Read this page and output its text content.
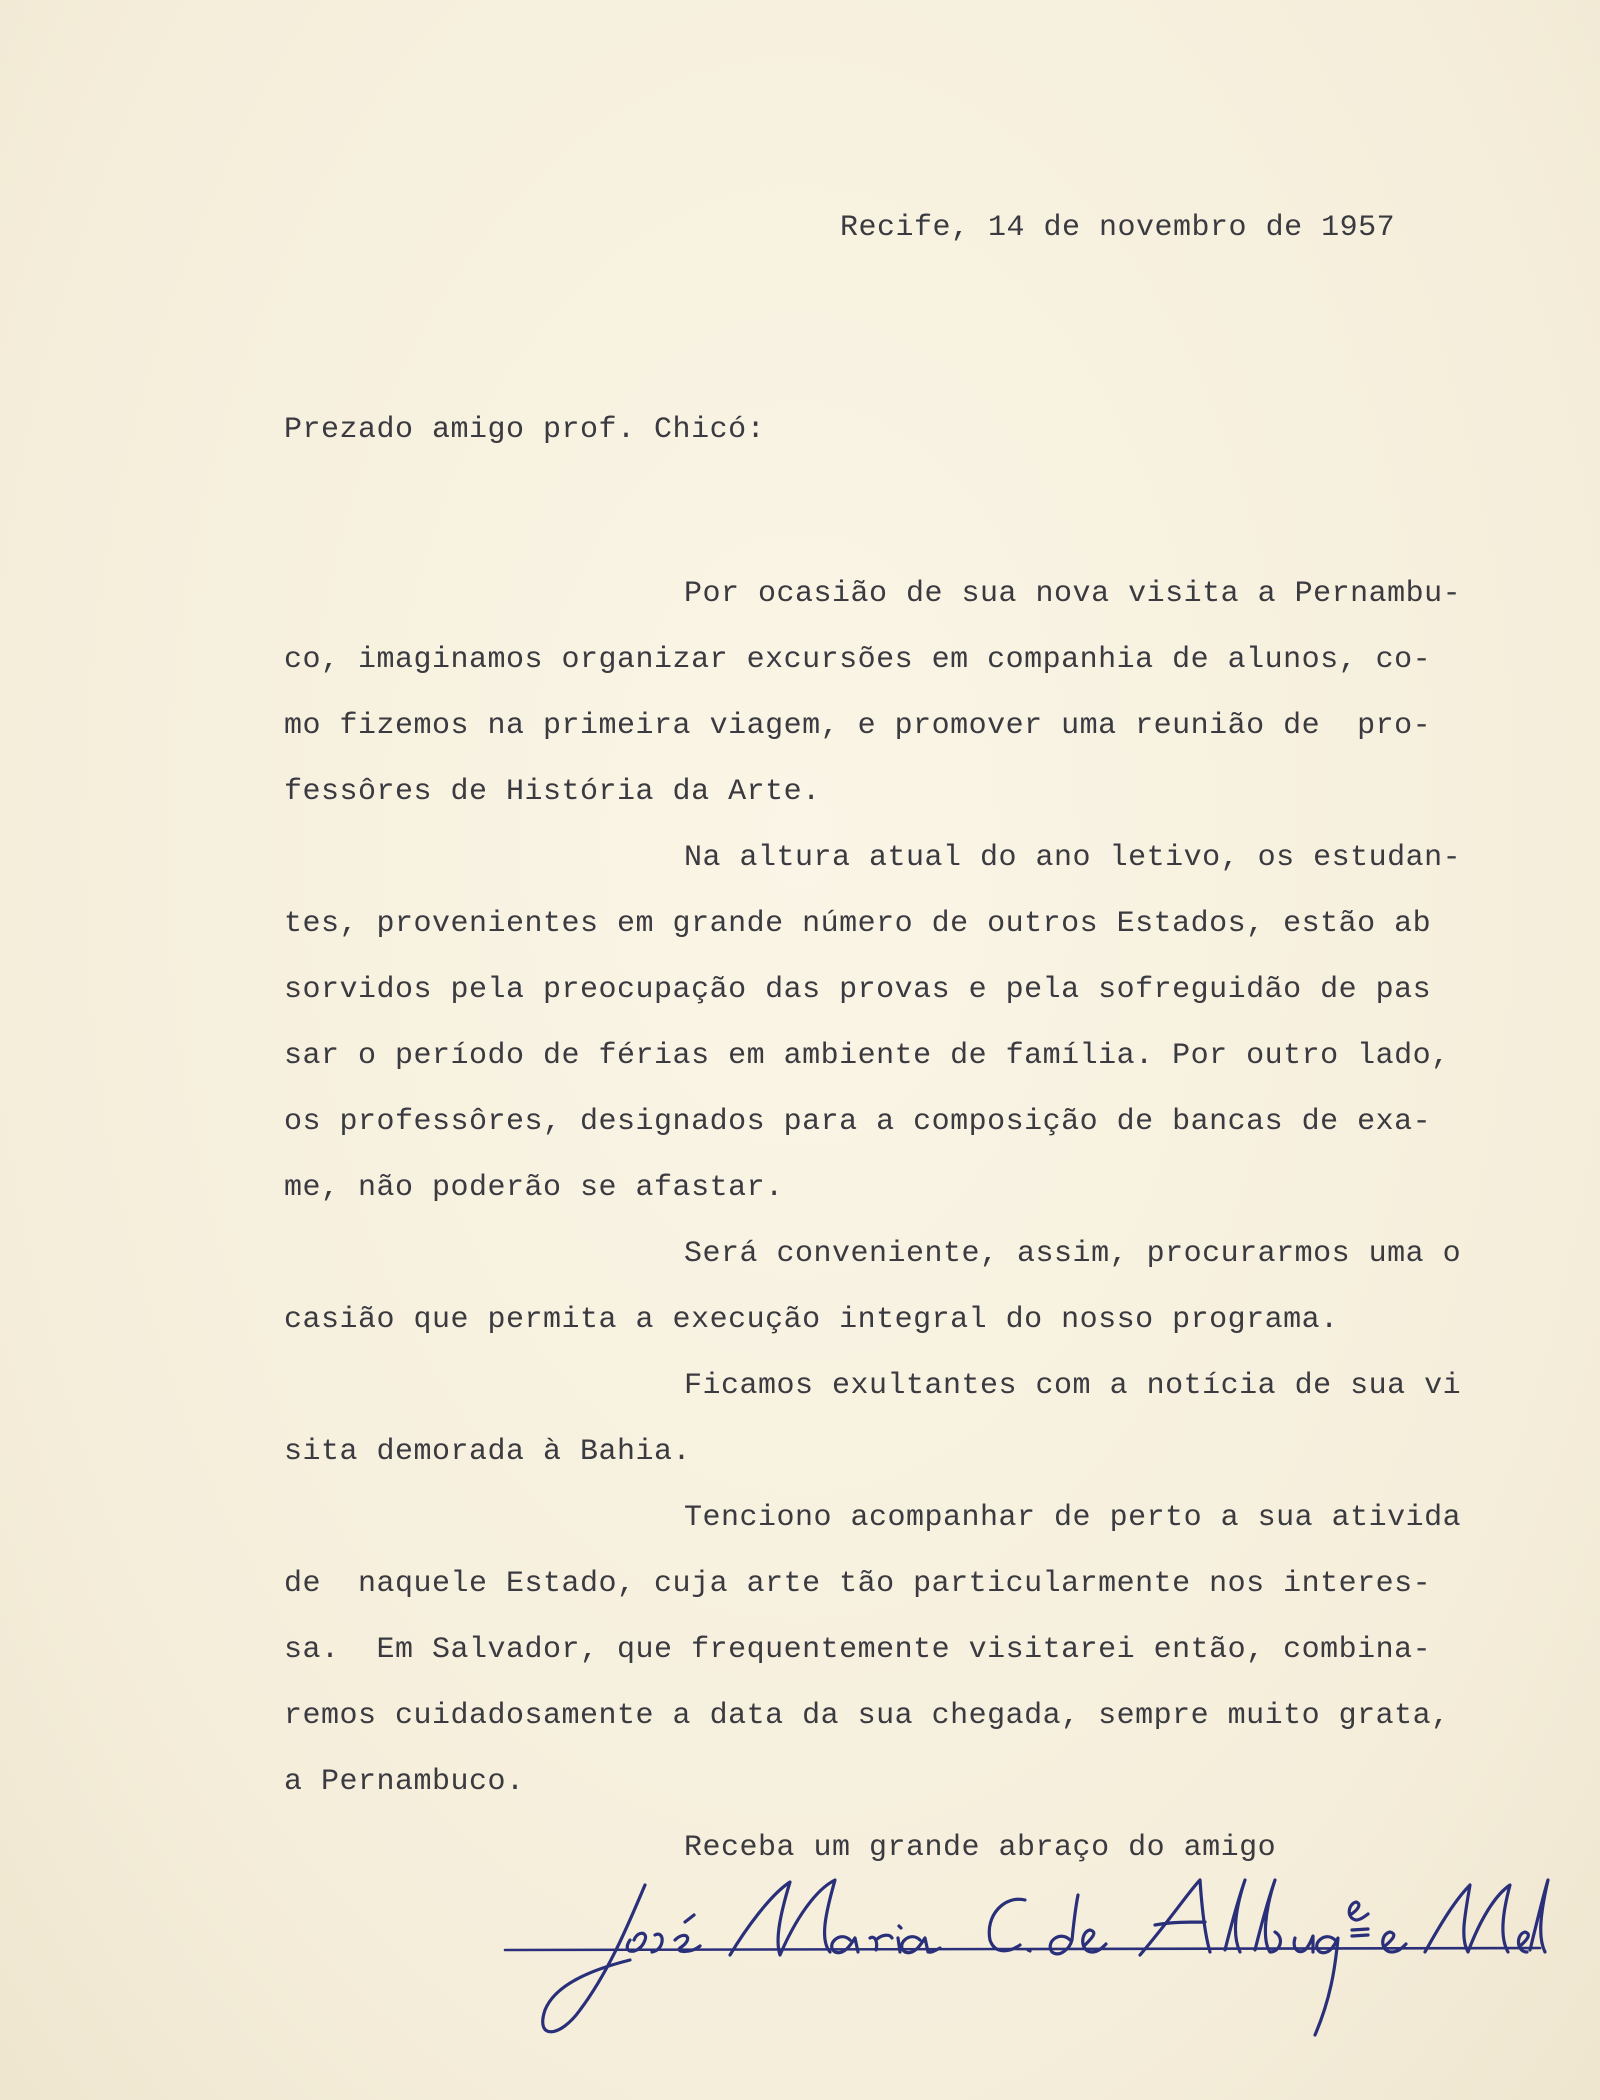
Recife, 14 de novembro de 1957
Prezado amigo prof. Chicó:
Por ocasião de sua nova visita a Pernambu-
co, imaginamos organizar excursões em companhia de alunos, co-
mo fizemos na primeira viagem, e promover uma reunião de  pro-
fessôres de História da Arte.
Na altura atual do ano letivo, os estudan-
tes, provenientes em grande número de outros Estados, estão ab
sorvidos pela preocupação das provas e pela sofreguidão de pas
sar o período de férias em ambiente de família. Por outro lado,
os professôres, designados para a composição de bancas de exa-
me, não poderão se afastar.
Será conveniente, assim, procurarmos uma o
casião que permita a execução integral do nosso programa.
Ficamos exultantes com a notícia de sua vi
sita demorada à Bahia.
Tenciono acompanhar de perto a sua ativida
de  naquele Estado, cuja arte tão particularmente nos interes-
sa.  Em Salvador, que frequentemente visitarei então, combina-
remos cuidadosamente a data da sua chegada, sempre muito grata,
a Pernambuco.
Receba um grande abraço do amigo
